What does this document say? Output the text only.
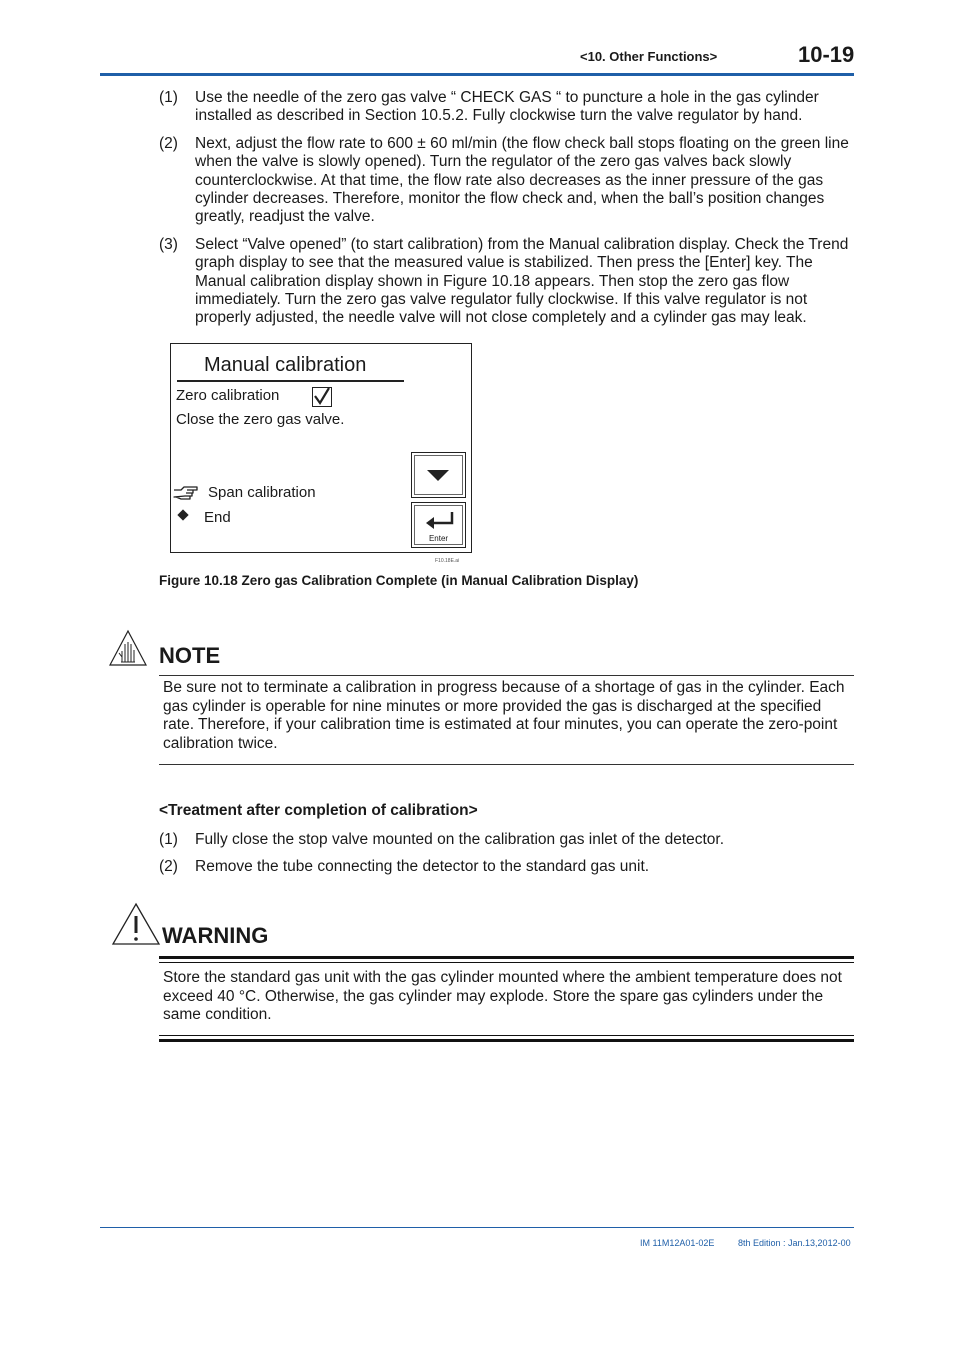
<10. Other Functions>	10-19
(1) Use the needle of the zero gas valve “ CHECK GAS “ to puncture a hole in the gas cylinder installed as described in Section 10.5.2. Fully clockwise turn the valve regulator by hand.
(2) Next, adjust the flow rate to 600 ± 60 ml/min (the flow check ball stops floating on the green line when the valve is slowly opened). Turn the regulator of the zero gas valves back slowly counterclockwise. At that time, the flow rate also decreases as the inner pressure of the gas cylinder decreases. Therefore, monitor the flow check and, when the ball’s position changes greatly, readjust the valve.
(3) Select “Valve opened” (to start calibration) from the Manual calibration display. Check the Trend graph display to see that the measured value is stabilized. Then press the [Enter] key. The Manual calibration display shown in Figure 10.18 appears. Then stop the zero gas flow immediately. Turn the zero gas valve regulator fully clockwise. If this valve regulator is not properly adjusted, the needle valve will not close completely and a cylinder gas may leak.
Manual calibration
Zero calibration
Close the zero gas valve.
Span calibration
End
Enter
F10.18E.ai
Figure 10.18 Zero gas Calibration Complete (in Manual Calibration Display)
NOTE
Be sure not to terminate a calibration in progress because of a shortage of gas in the cylinder. Each gas cylinder is operable for nine minutes or more provided the gas is discharged at the specified rate. Therefore, if your calibration time is estimated at four minutes, you can operate the zero-point calibration twice.
<Treatment after completion of calibration>
(1) Fully close the stop valve mounted on the calibration gas inlet of the detector.
(2) Remove the tube connecting the detector to the standard gas unit.
WARNING
Store the standard gas unit with the gas cylinder mounted where the ambient temperature does not exceed 40 °C. Otherwise, the gas cylinder may explode. Store the spare gas cylinders under the same condition.
IM 11M12A01-02E	8th Edition : Jan.13,2012-00
